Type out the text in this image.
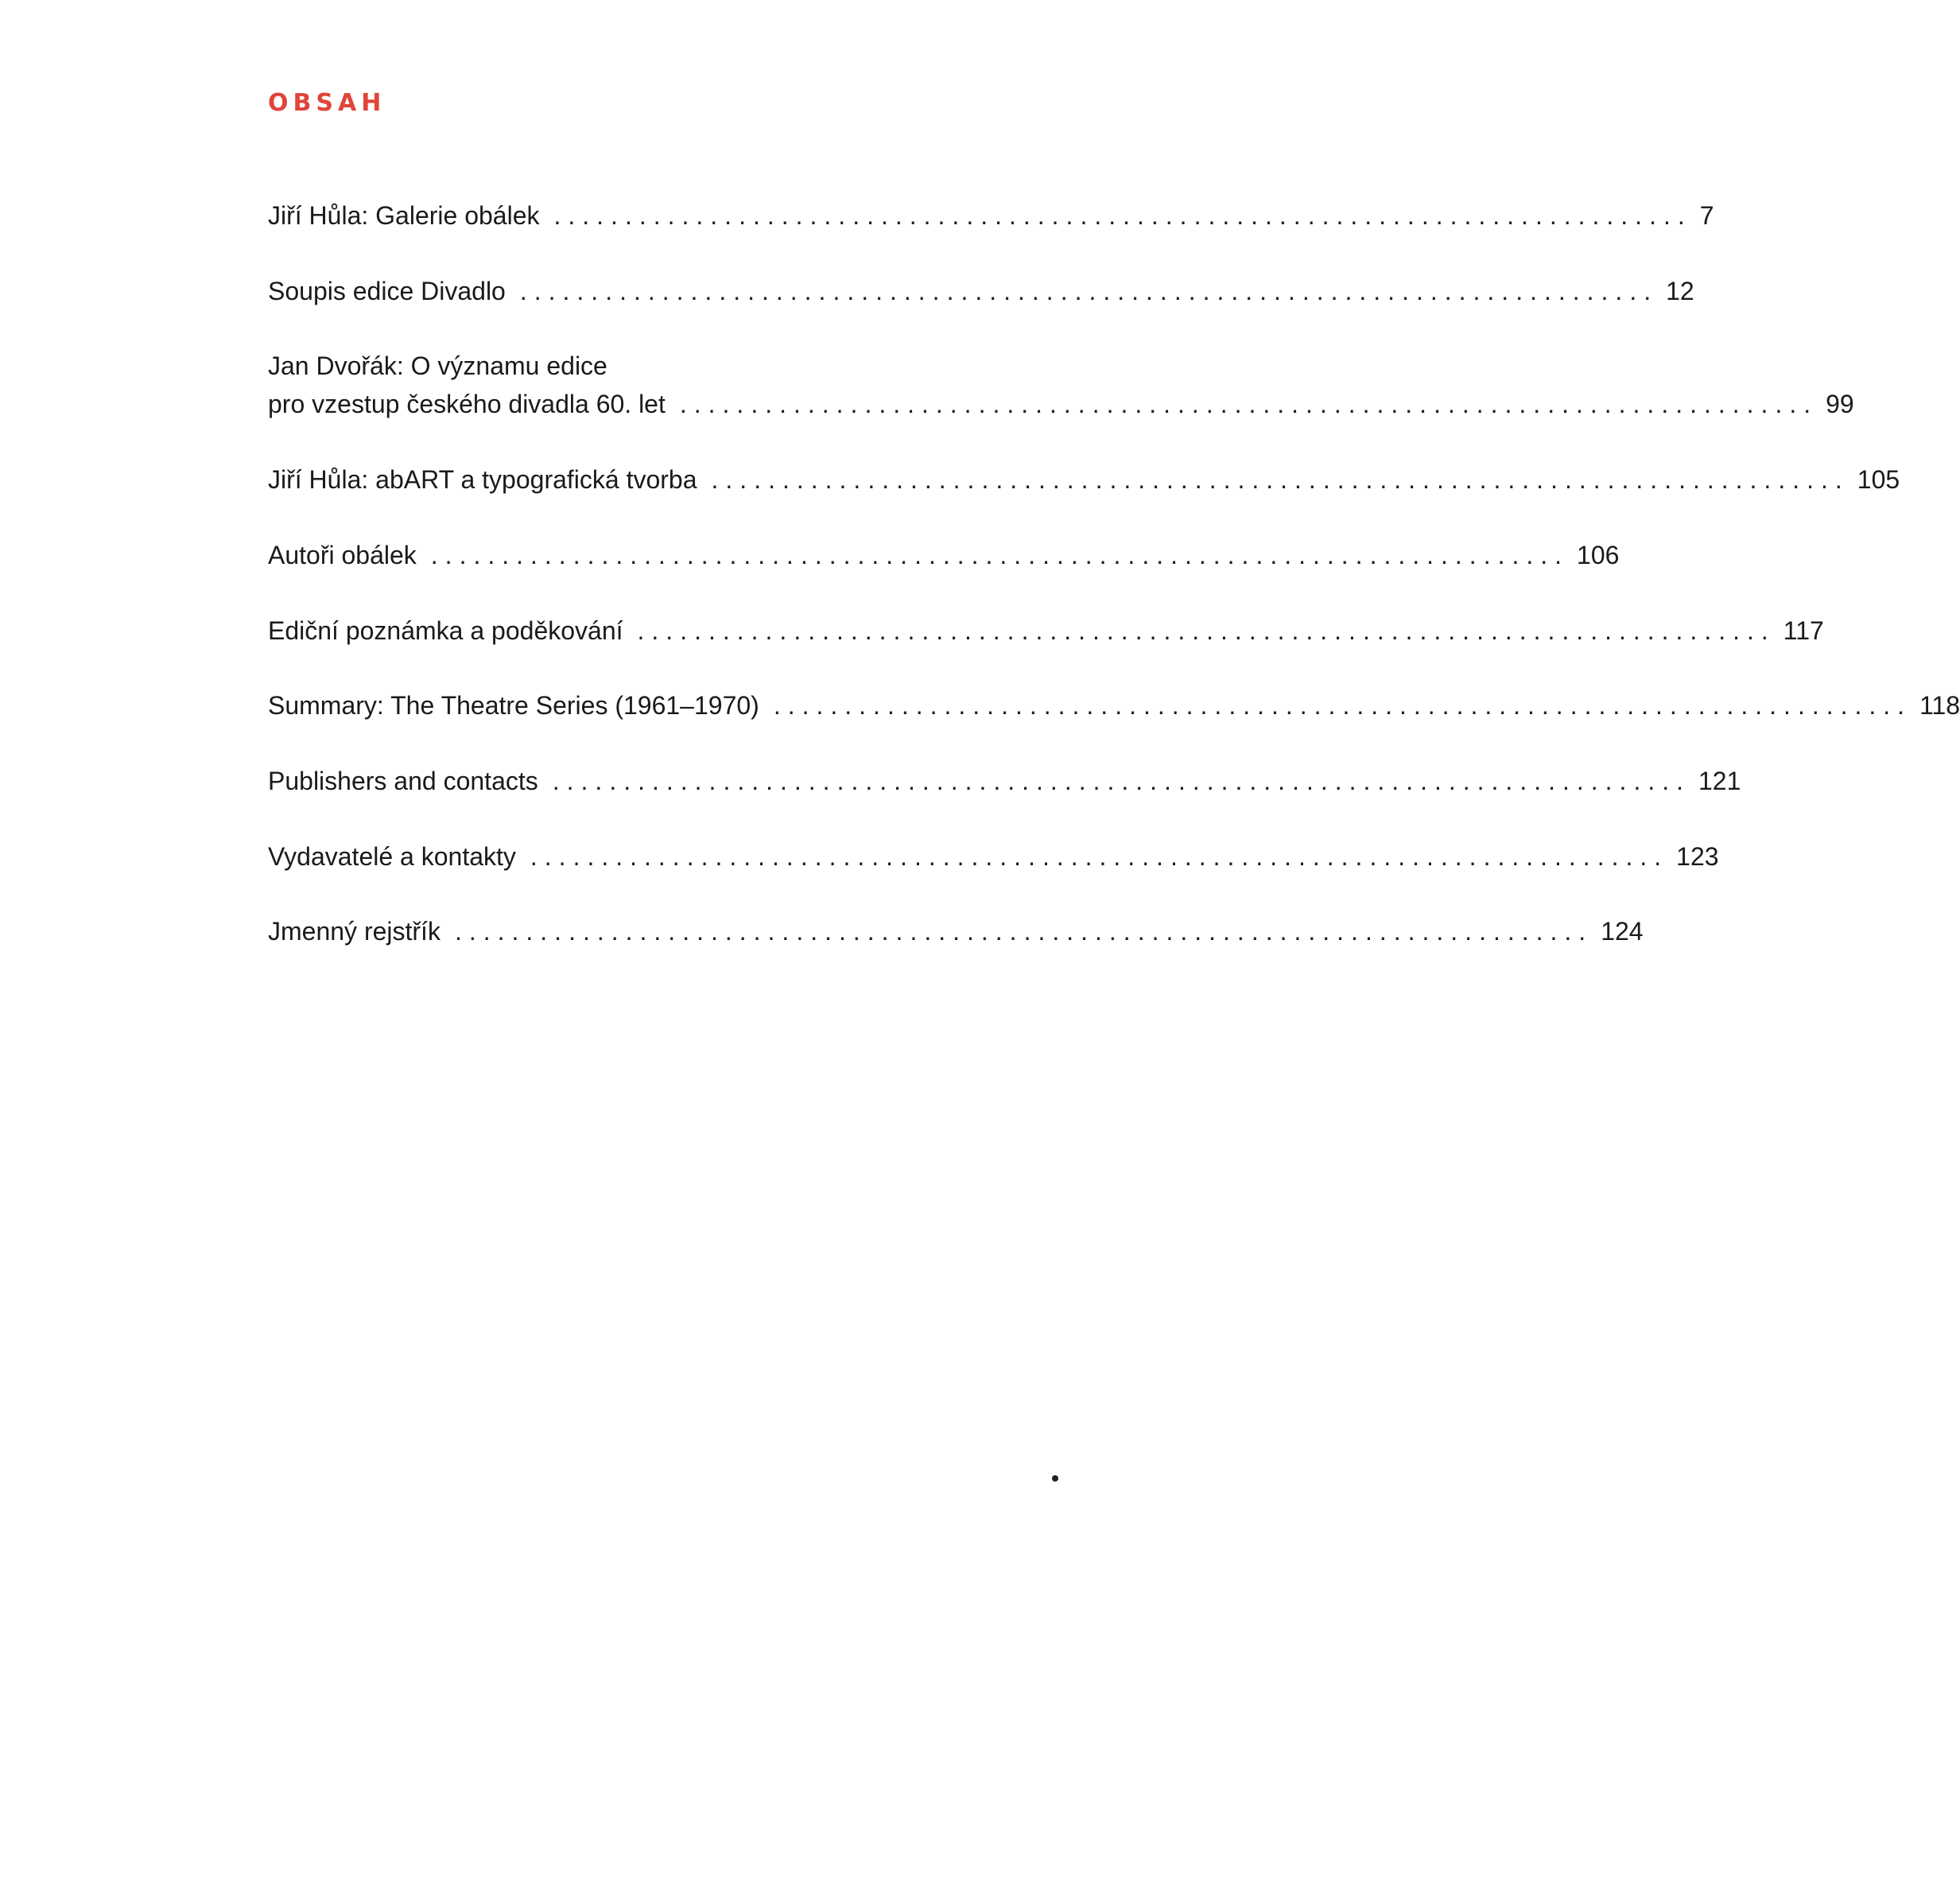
OBSAH
Jiří Hůla: Galerie obálek ................................................................................ 7
Soupis edice Divadlo ................................................................................ 12
Jan Dvořák: O významu edice
pro vzestup českého divadla 60. let ................................................................................ 99
Jiří Hůla: abART a typografická tvorba ................................................................................ 105
Autoři obálek ................................................................................ 106
Ediční poznámka a poděkování ................................................................................ 117
Summary: The Theatre Series (1961–1970) ................................................................................ 118
Publishers and contacts ................................................................................ 121
Vydavatelé a kontakty ................................................................................ 123
Jmenný rejstřík ................................................................................ 124
